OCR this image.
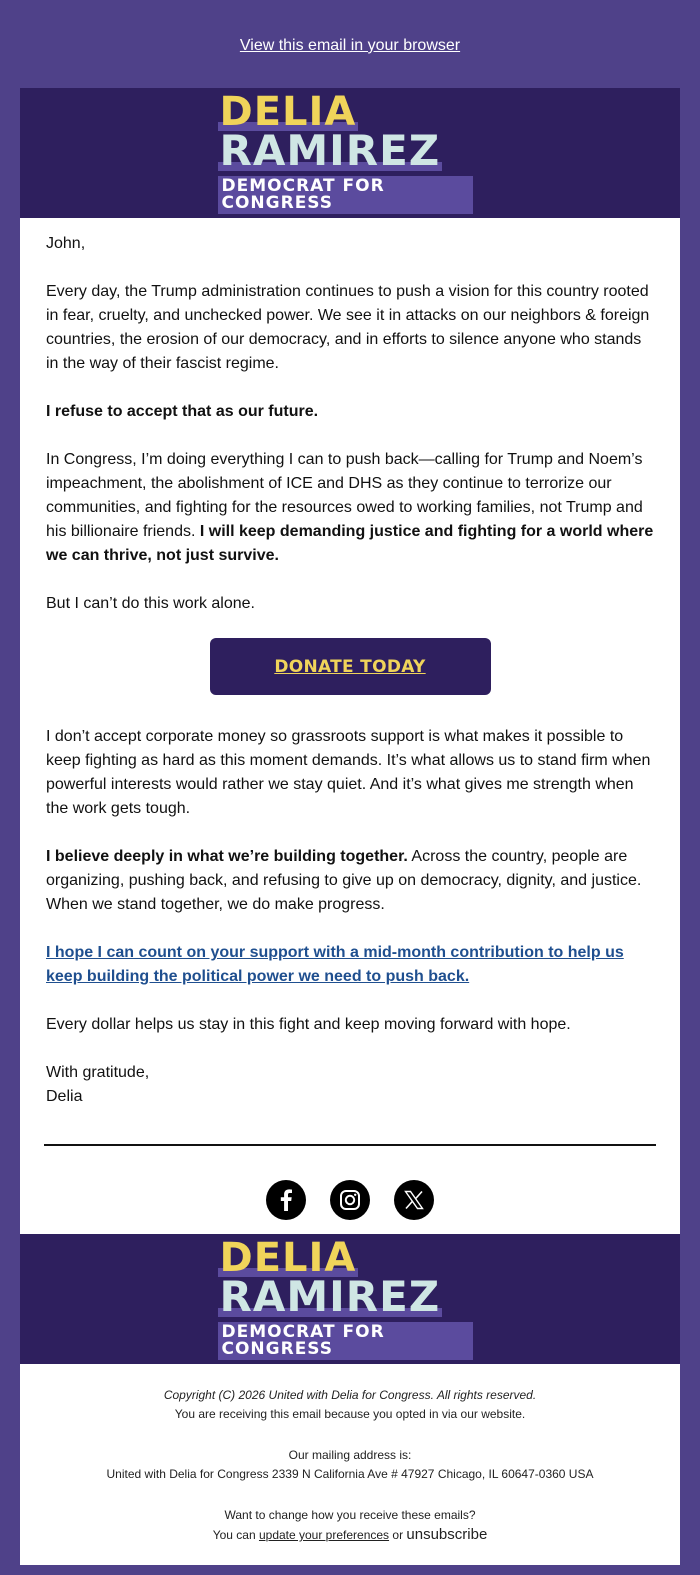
View this email in your browser
DELIA
RAMIREZ
DEMOCRAT FOR CONGRESS

John,

Every day, the Trump administration continues to push a vision for this country rooted in fear, cruelty, and unchecked power. We see it in attacks on our neighbors & foreign countries, the erosion of our democracy, and in efforts to silence anyone who stands in the way of their fascist regime.

I refuse to accept that as our future.

In Congress, I’m doing everything I can to push back—calling for Trump and Noem’s impeachment, the abolishment of ICE and DHS as they continue to terrorize our communities, and fighting for the resources owed to working families, not Trump and his billionaire friends. I will keep demanding justice and fighting for a world where we can thrive, not just survive.

But I can’t do this work alone.

DONATE TODAY

I don’t accept corporate money so grassroots support is what makes it possible to keep fighting as hard as this moment demands. It’s what allows us to stand firm when powerful interests would rather we stay quiet. And it’s what gives me strength when the work gets tough.

I believe deeply in what we’re building together. Across the country, people are organizing, pushing back, and refusing to give up on democracy, dignity, and justice. When we stand together, we do make progress.

I hope I can count on your support with a mid-month contribution to help us keep building the political power we need to push back.

Every dollar helps us stay in this fight and keep moving forward with hope.

With gratitude,

Delia

DELIA
RAMIREZ
DEMOCRAT FOR CONGRESS
Copyright (C) 2026 United with Delia for Congress. All rights reserved.
You are receiving this email because you opted in via our website.
Our mailing address is:
United with Delia for Congress 2339 N California Ave # 47927 Chicago, IL 60647-0360 USA
Want to change how you receive these emails?
You can update your preferences or unsubscribe
